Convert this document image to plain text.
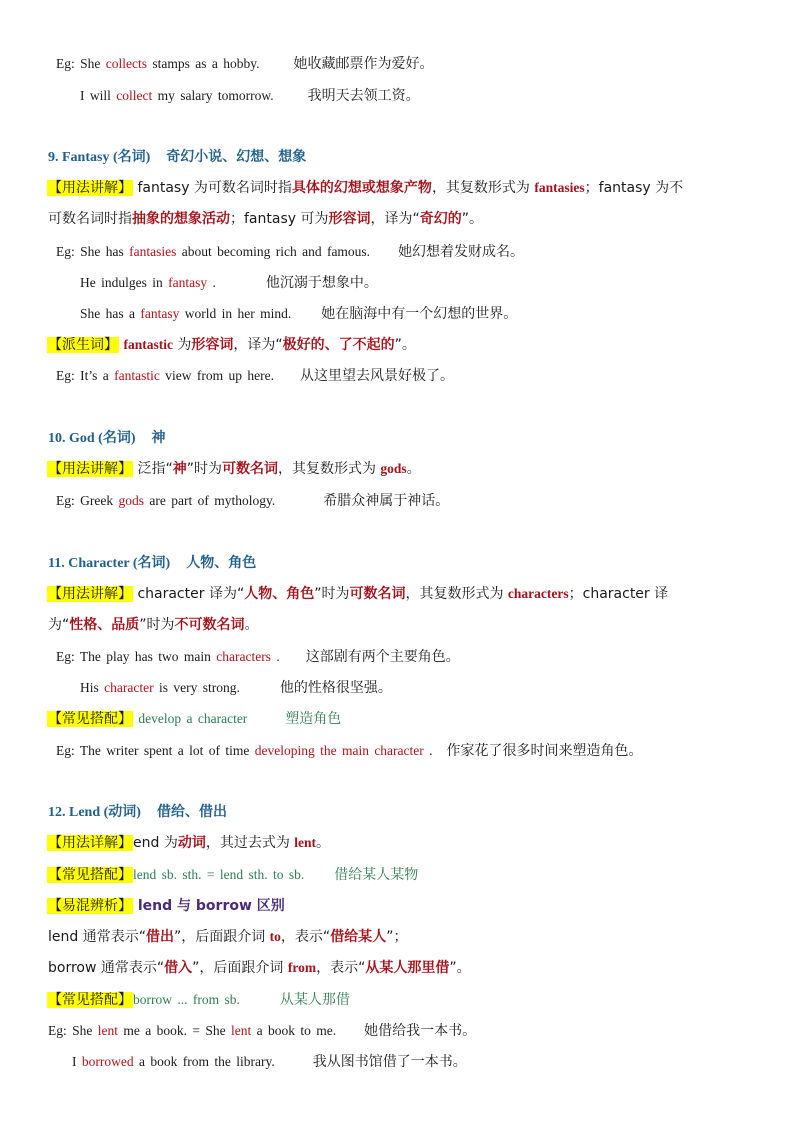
Eg: She collects stamps as a hobby. 她收藏邮票作为爱好。
I will collect my salary tomorrow. 我明天去领工资。
9. Fantasy (名词) 奇幻小说、幻想、想象
【用法讲解】 fantasy 为可数名词时指具体的幻想或想象产物，其复数形式为 fantasies；fantasy 为不
可数名词时指抽象的想象活动；fantasy 可为形容词，译为“奇幻的”。
Eg: She has fantasies about becoming rich and famous. 她幻想着发财成名。
He indulges in fantasy .	他沉溺于想象中。
She has a fantasy world in her mind. 她在脑海中有一个幻想的世界。
【派生词】 fantastic 为形容词，译为“极好的、了不起的”。
Eg: It’s a fantastic view from up here. 从这里望去风景好极了。
10. God (名词) 神
【用法讲解】 泛指“神”时为可数名词，其复数形式为 gods。
Eg: Greek gods are part of mythology.	希腊众神属于神话。
11. Character (名词) 人物、角色
【用法讲解】 character 译为“人物、角色”时为可数名词，其复数形式为 characters；character 译
为“性格、品质”时为不可数名词。
Eg: The play has two main characters . 这部剧有两个主要角色。
His character is very strong.	他的性格很坚强。
【常见搭配】 develop a character	塑造角色
Eg: The writer spent a lot of time developing the main character . 作家花了很多时间来塑造角色。
12. Lend (动词) 借给、借出
【用法详解】end 为动词，其过去式为 lent。
【常见搭配】lend sb. sth. = lend sth. to sb. 借给某人某物
【易混辨析】 lend 与 borrow 区别
lend 通常表示“借出”，后面跟介词 to，表示“借给某人”；
borrow 通常表示“借入”，后面跟介词 from，表示“从某人那里借”。
【常见搭配】borrow ... from sb.	从某人那借
Eg: She lent me a book. = She lent a book to me. 她借给我一本书。
I borrowed a book from the library.	我从图书馆借了一本书。
